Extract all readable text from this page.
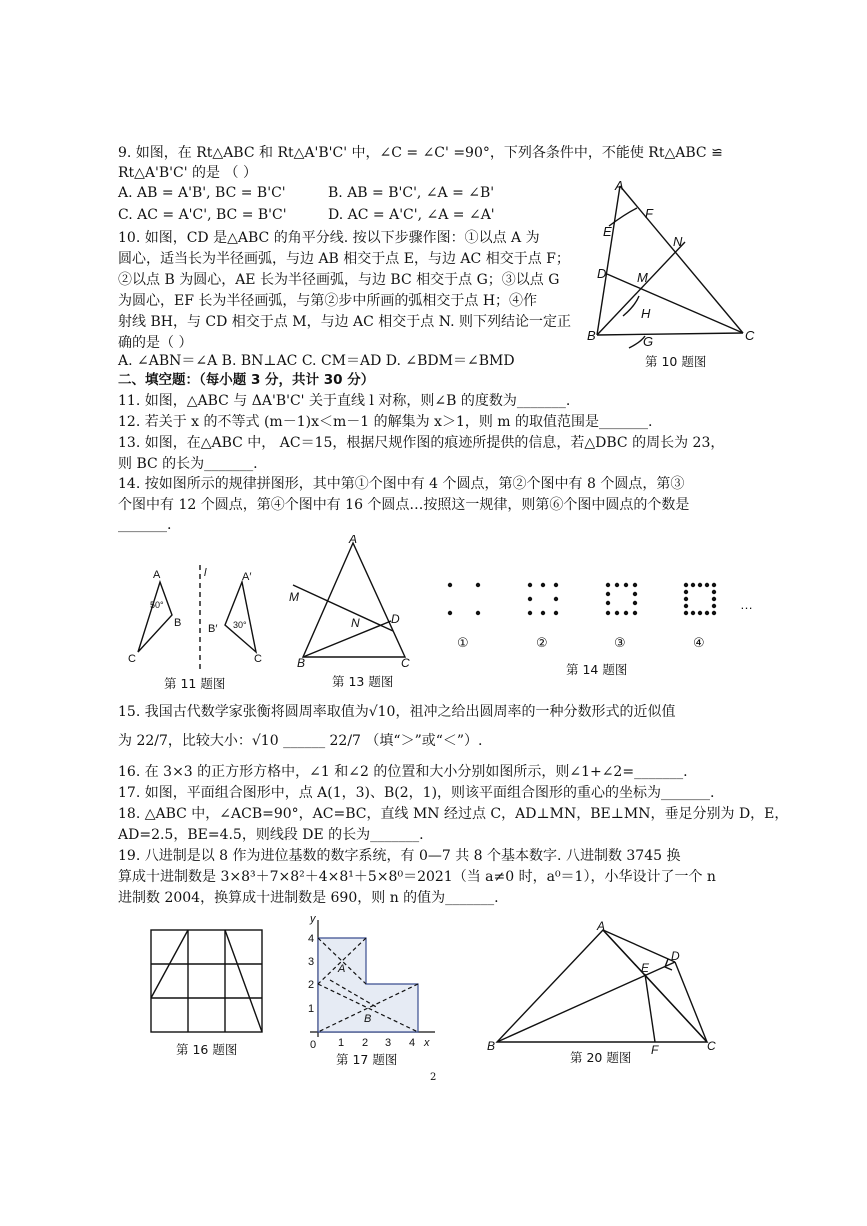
9. 如图，在 Rt△ABC 和 Rt△A'B'C' 中，∠C = ∠C' =90°，下列各条件中，不能使 Rt△ABC ≌
Rt△A'B'C' 的是 （ ）
A. AB = A'B', BC = B'C'	B. AB = B'C', ∠A = ∠B'
C. AC = A'C', BC = B'C'	D. AC = A'C', ∠A = ∠A'
10. 如图，CD 是△ABC 的角平分线. 按以下步骤作图：①以点 A 为
圆心，适当长为半径画弧，与边 AB 相交于点 E，与边 AC 相交于点 F；
②以点 B 为圆心，AE 长为半径画弧，与边 BC 相交于点 G；③以点 G
为圆心，EF 长为半径画弧，与第②步中所画的弧相交于点 H；④作
射线 BH，与 CD 相交于点 M，与边 AC 相交于点 N. 则下列结论一定正
确的是（ ）
A. ∠ABN＝∠A B. BN⊥AC C. CM＝AD D. ∠BDM＝∠BMD
A
F
E
N
D M
H
B	G	C
第 10 题图
二、填空题：（每小题 3 分，共计 30 分）
11. 如图，△ABC 与 ΔA'B'C' 关于直线 l 对称，则∠B 的度数为_______.
12. 若关于 x 的不等式 (m－1)x＜m－1 的解集为 x＞1，则 m 的取值范围是_______.
13. 如图，在△ABC 中， AC＝15，根据尺规作图的痕迹所提供的信息，若△DBC 的周长为 23，
则 BC 的长为_______.
14. 按如图所示的规律拼图形，其中第①个图中有 4 个圆点，第②个图中有 8 个圆点，第③
个图中有 12 个圆点，第④个图中有 16 个圆点…按照这一规律，则第⑥个图中圆点的个数是
_______.
A
50°
B
C
l	A′
B′ 30°
C
第 11 题图
A
M
D
N
B	C
第 13 题图
①	②	③	④
…
第 14 题图
15. 我国古代数学家张衡将圆周率取值为√10，祖冲之给出圆周率的一种分数形式的近似值
为 22/7，比较大小：√10 ______ 22/7 （填“＞”或“＜”）.
16. 在 3×3 的正方形方格中，∠1 和∠2 的位置和大小分别如图所示，则∠1+∠2=_______.
17. 如图，平面组合图形中，点 A(1，3)、B(2，1)，则该平面组合图形的重心的坐标为_______.
18. △ABC 中，∠ACB=90°，AC=BC，直线 MN 经过点 C，AD⊥MN，BE⊥MN，垂足分别为 D，E，
AD=2.5，BE=4.5，则线段 DE 的长为_______.
19. 八进制是以 8 作为进位基数的数字系统，有 0—7 共 8 个基本数字. 八进制数 3745 换
算成十进制数是 3×8³＋7×8²＋4×8¹＋5×8⁰＝2021（当 a≠0 时，a⁰＝1），小华设计了一个 n
进制数 2004，换算成十进制数是 690，则 n 的值为_______.
第 16 题图
y
4
3
2
1
0 1 2 3 4 x
A
B
第 17 题图
A
D
E
B	F	C
第 20 题图
2
